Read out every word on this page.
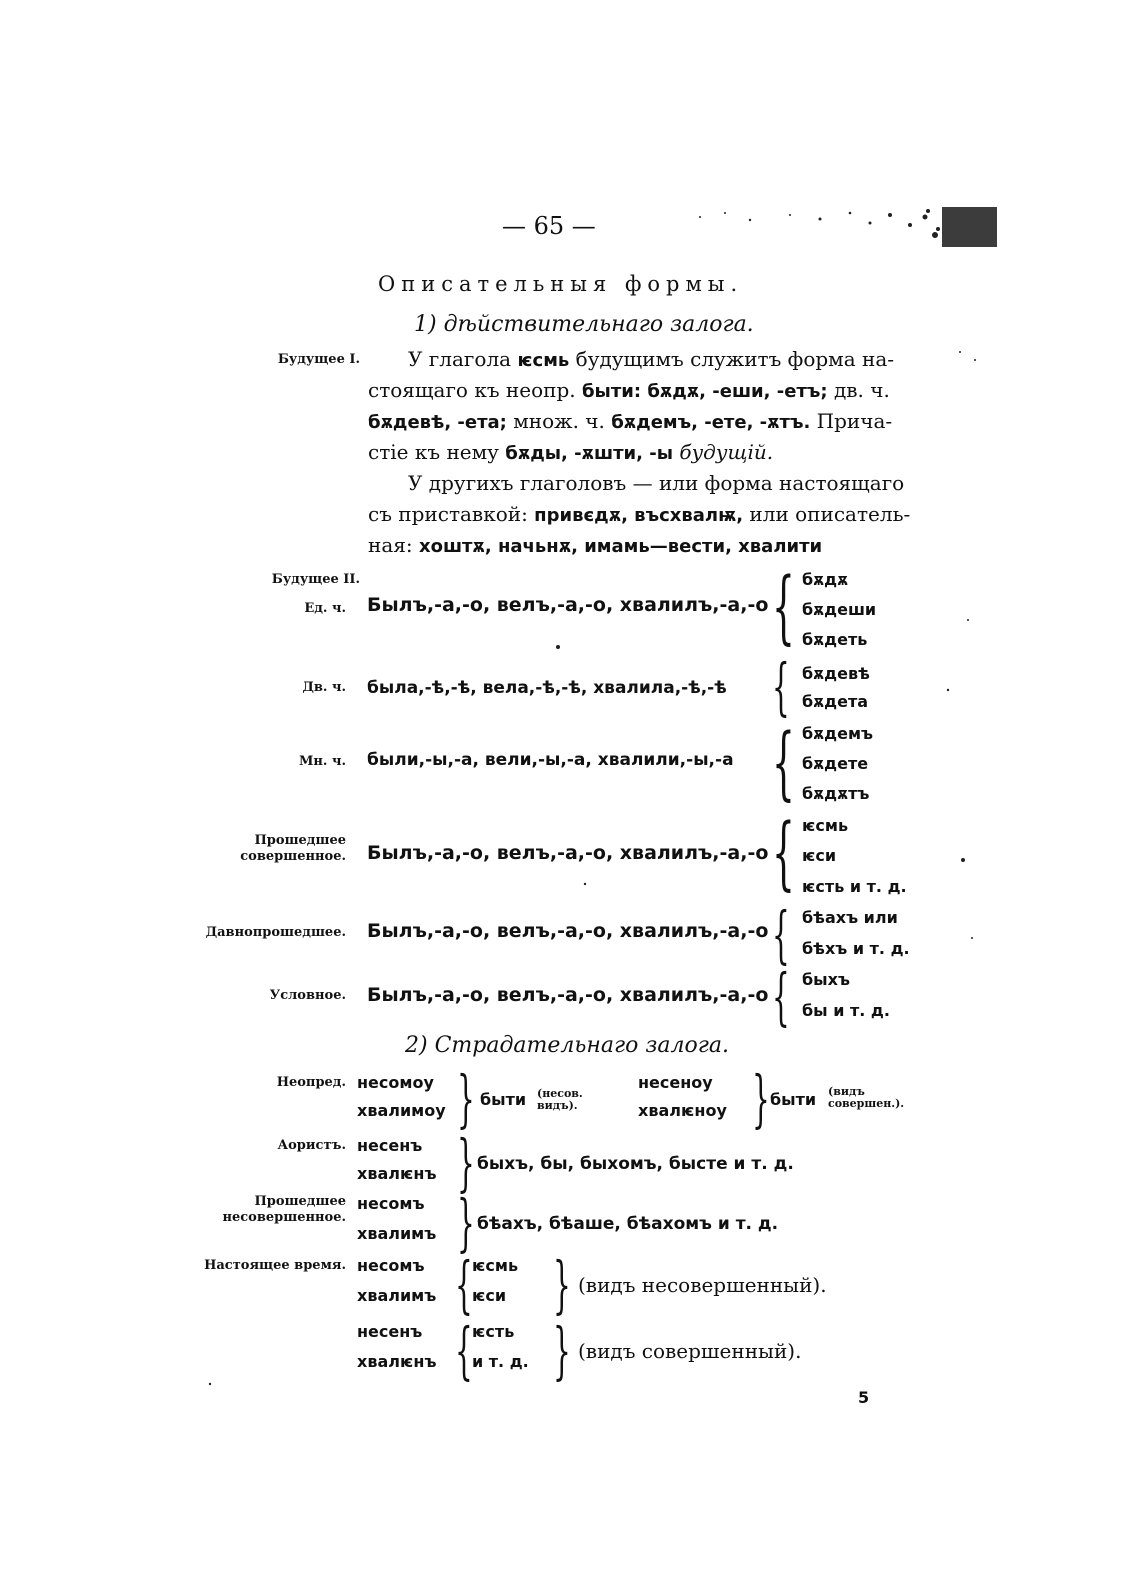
— 65 —
Описательныя формы.
1) дѣйствительнаго залога.
Будущее I. У глагола ѥсмь будущимъ служитъ форма на-
стоящаго къ неопр. быти: бѫдѫ, -еши, -етъ; дв. ч.
бѫдевѣ, -ета; множ. ч. бѫдемъ, -ете, -ѫтъ. Прича-
стіе къ нему бѫды, -ѫшти, -ы будущій.
У другихъ глаголовъ — или форма настоящаго
съ приставкой: привєдѫ, въсхвалѭ, или описатель-
ная: хоштѫ, начьнѫ, имамь—вести, хвалити
Будущее II.
Ед. ч. Былъ,-а,-о, велъ,-а,-о, хвалилъ,-а,-о { бѫдѫ
бѫдеши
бѫдеть
Дв. ч. была,-ѣ,-ѣ, вела,-ѣ,-ѣ, хвалила,-ѣ,-ѣ { бѫдевѣ
бѫдета
Мн. ч. были,-ы,-а, вели,-ы,-а, хвалили,-ы,-а { бѫдемъ
бѫдете
бѫдѫтъ
Прошедшее совершенное. Былъ,-а,-о, велъ,-а,-о, хвалилъ,-а,-о { ѥсмь
ѥси
ѥсть и т. д.
Давнопрошедшее. Былъ,-а,-о, велъ,-а,-о, хвалилъ,-а,-о { бѣахъ или
бѣхъ и т. д.
Условное. Былъ,-а,-о, велъ,-а,-о, хвалилъ,-а,-о { быхъ
бы и т. д.
2) Страдательнаго залога.
Неопред. несомоу
хвалимоу } быти (несов. видъ).
несеноу
хвалѥноу } быти (видъ совершен.).
Аористъ. несенъ
хвалѥнъ } быхъ, бы, быхомъ, бысте и т. д.
Прошедшее несовершенное.
несомъ
хвалимъ } бѣахъ, бѣаше, бѣахомъ и т. д.
Настоящее время. несомъ
хвалимъ { ѥсмь
ѥси } (видъ несовершенный).
несенъ
хвалѥнъ { ѥсть
и т. д. } (видъ совершенный).
5
